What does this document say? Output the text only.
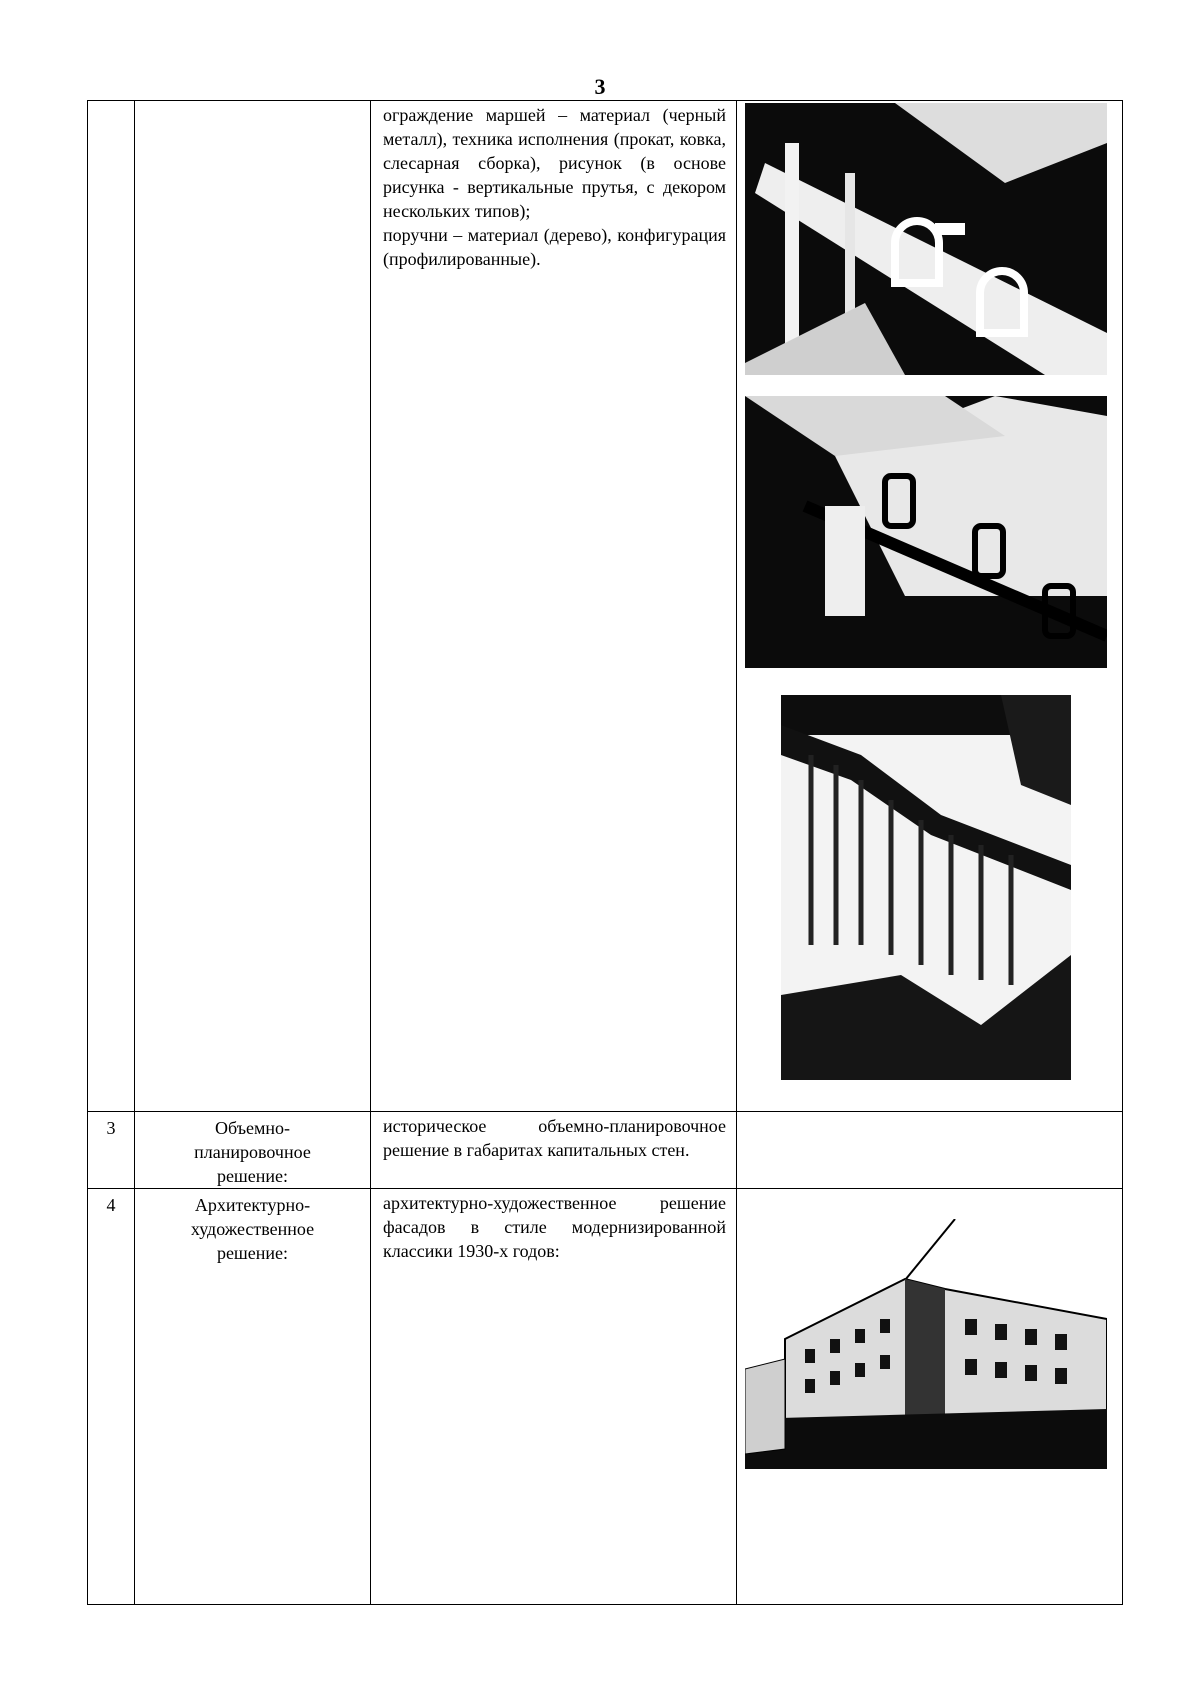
3

		ограждение маршей – материал (черный металл), техника исполнения (прокат, ковка, слесарная сборка), рисунок (в основе рисунка - вертикальные прутья, с декором нескольких типов);
поручни – материал (дерево), конфигурация (профилированные).

3	Объемно-планировочное решение:	историческое объемно-планировочное решение в габаритах капитальных стен.	

4	Архитектурно-художественное решение:	архитектурно-художественное решение фасадов в стиле модернизированной классики 1930-х годов:
